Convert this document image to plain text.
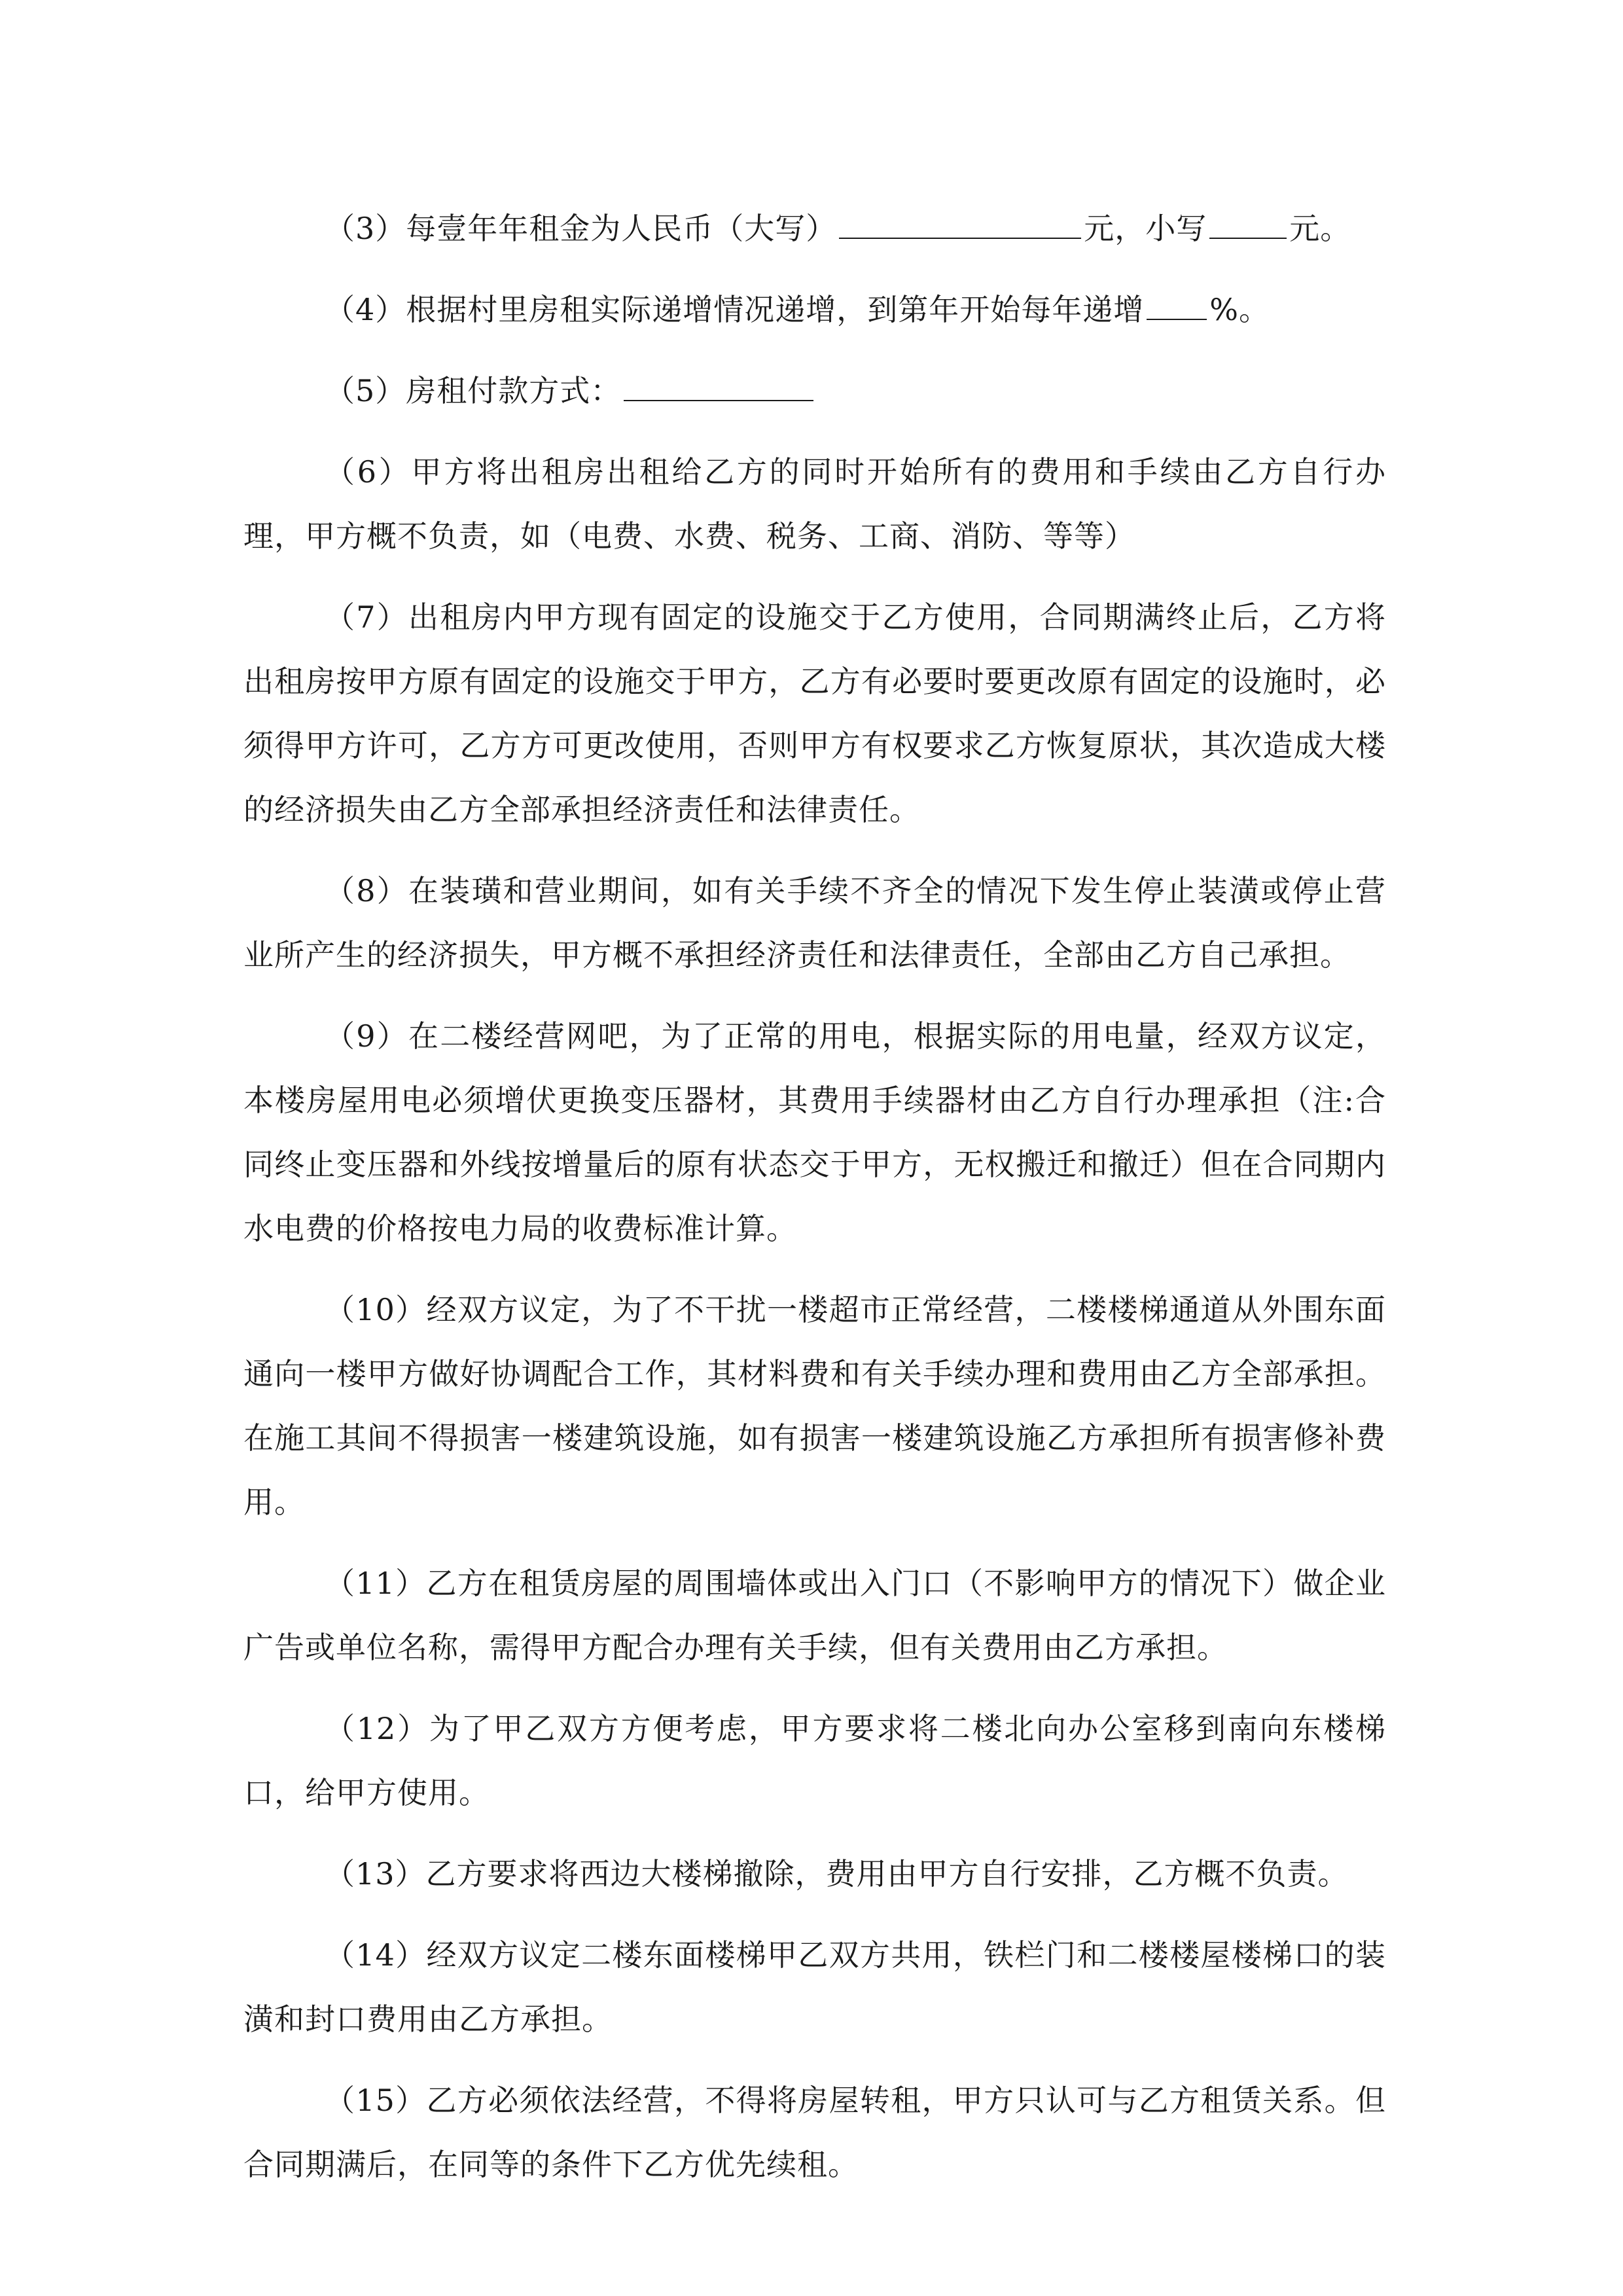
（3）每壹年年租金为人民币（大写）	元，小写	元。

（4）根据村里房租实际递增情况递增，到第年开始每年递增 %。

（5）房租付款方式：

（6）甲方将出租房出租给乙方的同时开始所有的费用和手续由乙方自行办理，甲方概不负责，如（电费、水费、税务、工商、消防、等等）

（7）出租房内甲方现有固定的设施交于乙方使用，合同期满终止后，乙方将出租房按甲方原有固定的设施交于甲方，乙方有必要时要更改原有固定的设施时，必须得甲方许可，乙方方可更改使用，否则甲方有权要求乙方恢复原状，其次造成大楼的经济损失由乙方全部承担经济责任和法律责任。

（8）在装璜和营业期间，如有关手续不齐全的情况下发生停止装潢或停止营业所产生的经济损失，甲方概不承担经济责任和法律责任，全部由乙方自己承担。

（9）在二楼经营网吧，为了正常的用电，根据实际的用电量，经双方议定，本楼房屋用电必须增伏更换变压器材，其费用手续器材由乙方自行办理承担（注:合同终止变压器和外线按增量后的原有状态交于甲方，无权搬迁和撤迁）但在合同期内水电费的价格按电力局的收费标准计算。

（10）经双方议定，为了不干扰一楼超市正常经营，二楼楼梯通道从外围东面通向一楼甲方做好协调配合工作，其材料费和有关手续办理和费用由乙方全部承担。在施工其间不得损害一楼建筑设施，如有损害一楼建筑设施乙方承担所有损害修补费用。

（11）乙方在租赁房屋的周围墙体或出入门口（不影响甲方的情况下）做企业广告或单位名称，需得甲方配合办理有关手续，但有关费用由乙方承担。

（12）为了甲乙双方方便考虑，甲方要求将二楼北向办公室移到南向东楼梯口，给甲方使用。

（13）乙方要求将西边大楼梯撤除，费用由甲方自行安排，乙方概不负责。

（14）经双方议定二楼东面楼梯甲乙双方共用，铁栏门和二楼楼屋楼梯口的装潢和封口费用由乙方承担。

（15）乙方必须依法经营，不得将房屋转租，甲方只认可与乙方租赁关系。但合同期满后，在同等的条件下乙方优先续租。
